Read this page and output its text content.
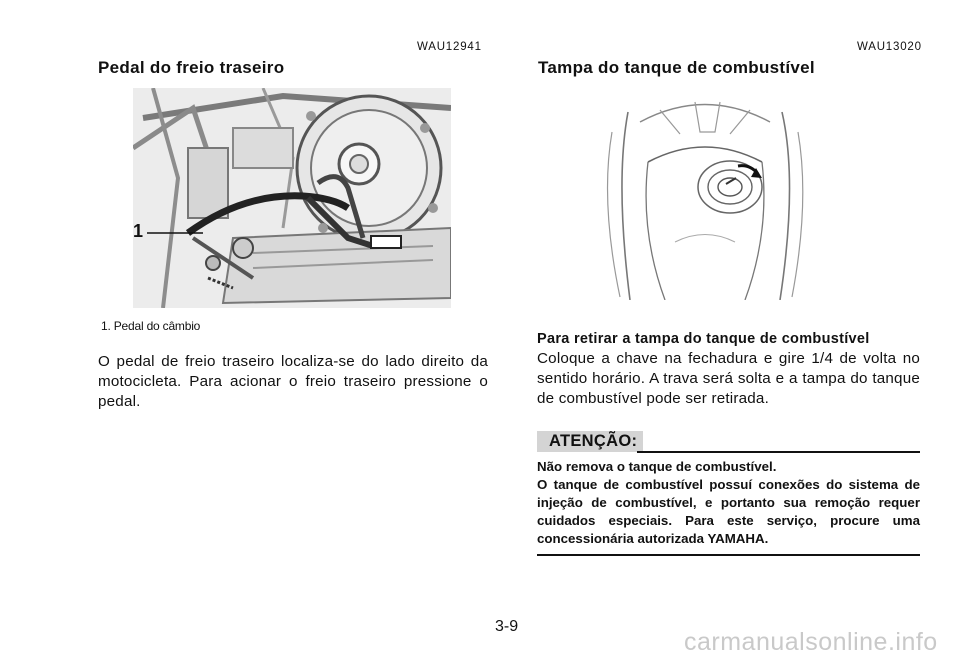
WAU12941
Pedal do freio traseiro
1
1. Pedal do câmbio
O pedal de freio traseiro localiza-se do lado direito da motocicleta. Para acionar o freio traseiro pressione o pedal.
WAU13020
Tampa do tanque de combustível
Para retirar a tampa do tanque de combustível
Coloque a chave na fechadura e gire 1/4 de volta no sentido horário. A trava será solta e a tampa do tanque de combustível pode ser retirada.
ATENÇÃO:
Não remova o tanque de combustível.
O tanque de combustível possuí conexões do sistema de injeção de combustível, e portanto sua remoção requer cuidados especiais. Para este serviço, procure uma concessionária autorizada YAMAHA.
3-9
carmanualsonline.info
